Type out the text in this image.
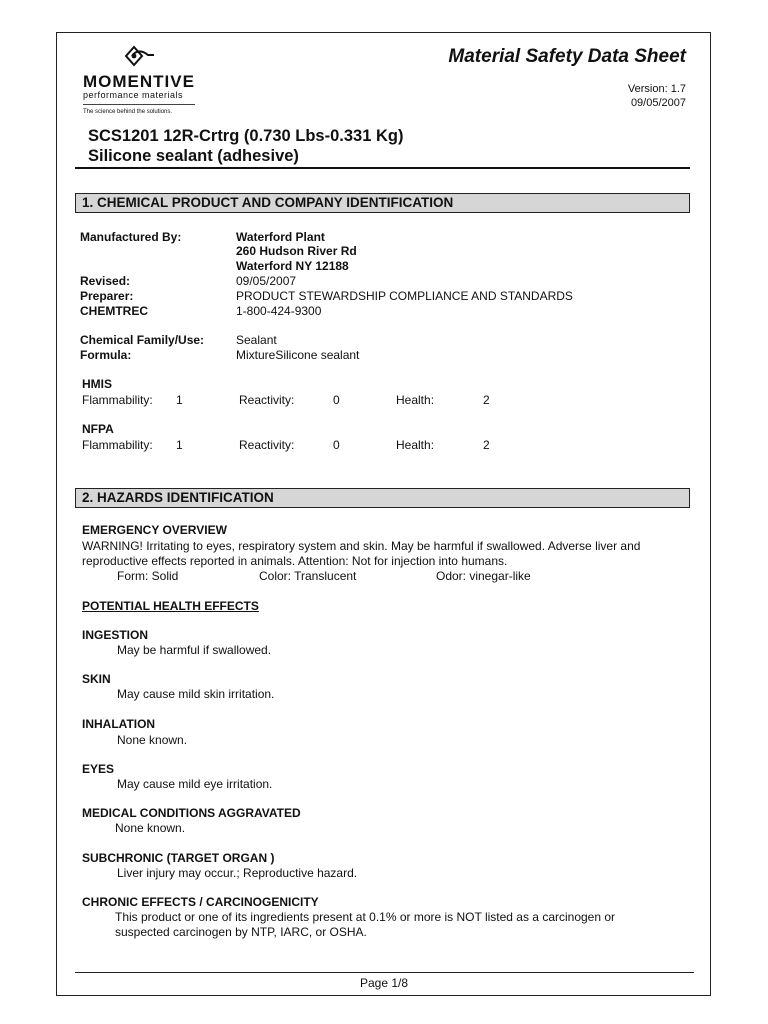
MOMENTIVE
performance materials
The science behind the solutions.
Material Safety Data Sheet
Version: 1.7
09/05/2007
SCS1201 12R-Crtrg (0.730 Lbs-0.331 Kg)
Silicone sealant (adhesive)
1. CHEMICAL PRODUCT AND COMPANY IDENTIFICATION
Manufactured By:	Waterford Plant
260 Hudson River Rd
Waterford NY 12188
Revised:	09/05/2007
Preparer:	PRODUCT STEWARDSHIP COMPLIANCE AND STANDARDS
CHEMTREC	1-800-424-9300
Chemical Family/Use:	Sealant
Formula:	MixtureSilicone sealant
HMIS
Flammability: 1	Reactivity:	0	Health:	2
NFPA
Flammability: 1	Reactivity:	0	Health:	2
2. HAZARDS IDENTIFICATION
EMERGENCY OVERVIEW
WARNING! Irritating to eyes, respiratory system and skin. May be harmful if swallowed. Adverse liver and
reproductive effects reported in animals. Attention: Not for injection into humans.
Form: Solid	Color: Translucent	Odor: vinegar-like
POTENTIAL HEALTH EFFECTS
INGESTION
May be harmful if swallowed.
SKIN
May cause mild skin irritation.
INHALATION
None known.
EYES
May cause mild eye irritation.
MEDICAL CONDITIONS AGGRAVATED
None known.
SUBCHRONIC (TARGET ORGAN )
Liver injury may occur.; Reproductive hazard.
CHRONIC EFFECTS / CARCINOGENICITY
This product or one of its ingredients present at 0.1% or more is NOT listed as a carcinogen or
suspected carcinogen by NTP, IARC, or OSHA.
Page 1/8
